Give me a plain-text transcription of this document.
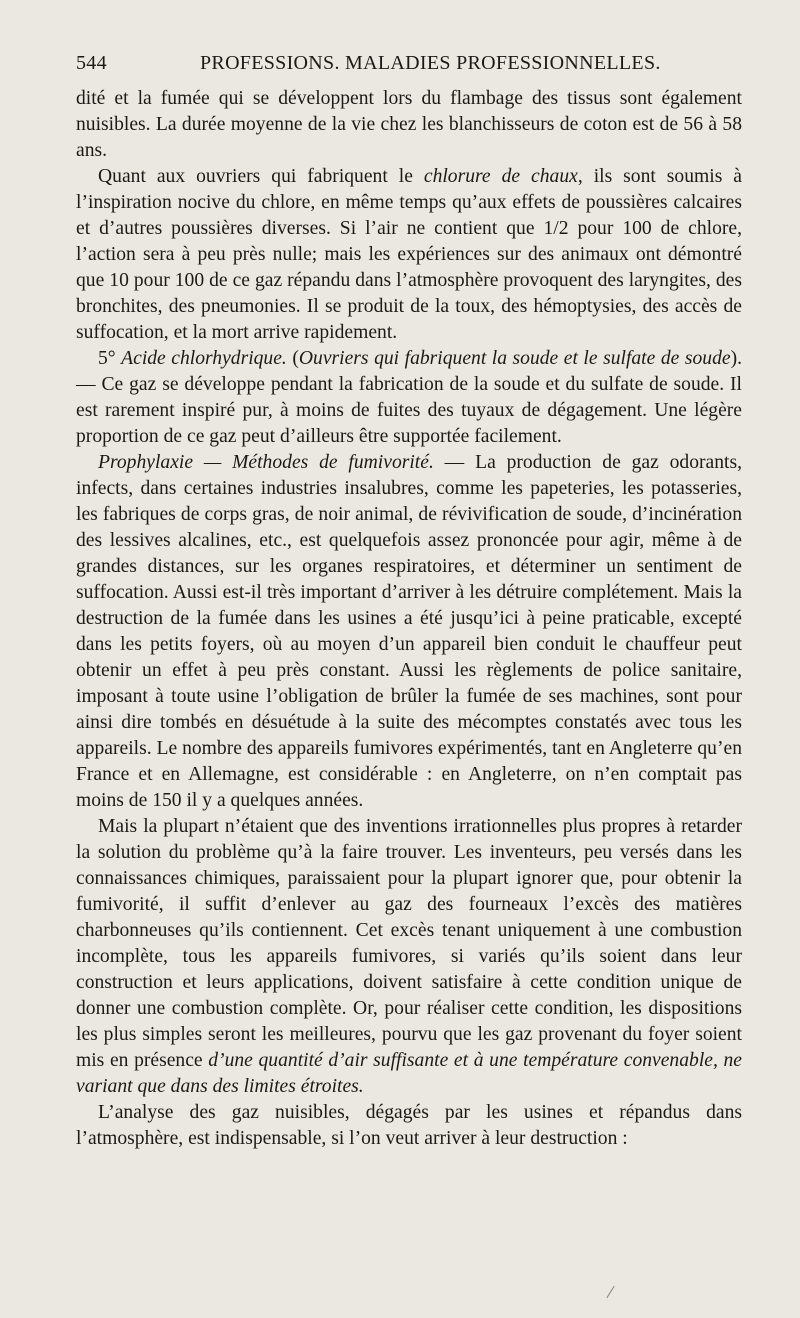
544	PROFESSIONS. MALADIES PROFESSIONNELLES.

dité et la fumée qui se développent lors du flambage des tissus sont également nuisibles. La durée moyenne de la vie chez les blanchisseurs de coton est de 56 à 58 ans.

Quant aux ouvriers qui fabriquent le chlorure de chaux, ils sont soumis à l’inspiration nocive du chlore, en même temps qu’aux effets de poussières calcaires et d’autres poussières diverses. Si l’air ne contient que 1/2 pour 100 de chlore, l’action sera à peu près nulle; mais les expériences sur des animaux ont démontré que 10 pour 100 de ce gaz répandu dans l’atmosphère provoquent des laryngites, des bronchites, des pneumonies. Il se produit de la toux, des hémoptysies, des accès de suffocation, et la mort arrive rapidement.

5° Acide chlorhydrique. (Ouvriers qui fabriquent la soude et le sulfate de soude). — Ce gaz se développe pendant la fabrication de la soude et du sulfate de soude. Il est rarement inspiré pur, à moins de fuites des tuyaux de dégagement. Une légère proportion de ce gaz peut d’ailleurs être supportée facilement.

Prophylaxie — Méthodes de fumivorité. — La production de gaz odorants, infects, dans certaines industries insalubres, comme les papeteries, les potasseries, les fabriques de corps gras, de noir animal, de révivification de soude, d’incinération des lessives alcalines, etc., est quelquefois assez prononcée pour agir, même à de grandes distances, sur les organes respiratoires, et déterminer un sentiment de suffocation. Aussi est-il très important d’arriver à les détruire complétement. Mais la destruction de la fumée dans les usines a été jusqu’ici à peine praticable, excepté dans les petits foyers, où au moyen d’un appareil bien conduit le chauffeur peut obtenir un effet à peu près constant. Aussi les règlements de police sanitaire, imposant à toute usine l’obligation de brûler la fumée de ses machines, sont pour ainsi dire tombés en désuétude à la suite des mécomptes constatés avec tous les appareils. Le nombre des appareils fumivores expérimentés, tant en Angleterre qu’en France et en Allemagne, est considérable : en Angleterre, on n’en comptait pas moins de 150 il y a quelques années.

Mais la plupart n’étaient que des inventions irrationnelles plus propres à retarder la solution du problème qu’à la faire trouver. Les inventeurs, peu versés dans les connaissances chimiques, paraissaient pour la plupart ignorer que, pour obtenir la fumivorité, il suffit d’enlever au gaz des fourneaux l’excès des matières charbonneuses qu’ils contiennent. Cet excès tenant uniquement à une combustion incomplète, tous les appareils fumivores, si variés qu’ils soient dans leur construction et leurs applications, doivent satisfaire à cette condition unique de donner une combustion complète. Or, pour réaliser cette condition, les dispositions les plus simples seront les meilleures, pourvu que les gaz provenant du foyer soient mis en présence d’une quantité d’air suffisante et à une température convenable, ne variant que dans des limites étroites.

L’analyse des gaz nuisibles, dégagés par les usines et répandus dans l’atmosphère, est indispensable, si l’on veut arriver à leur destruction :
